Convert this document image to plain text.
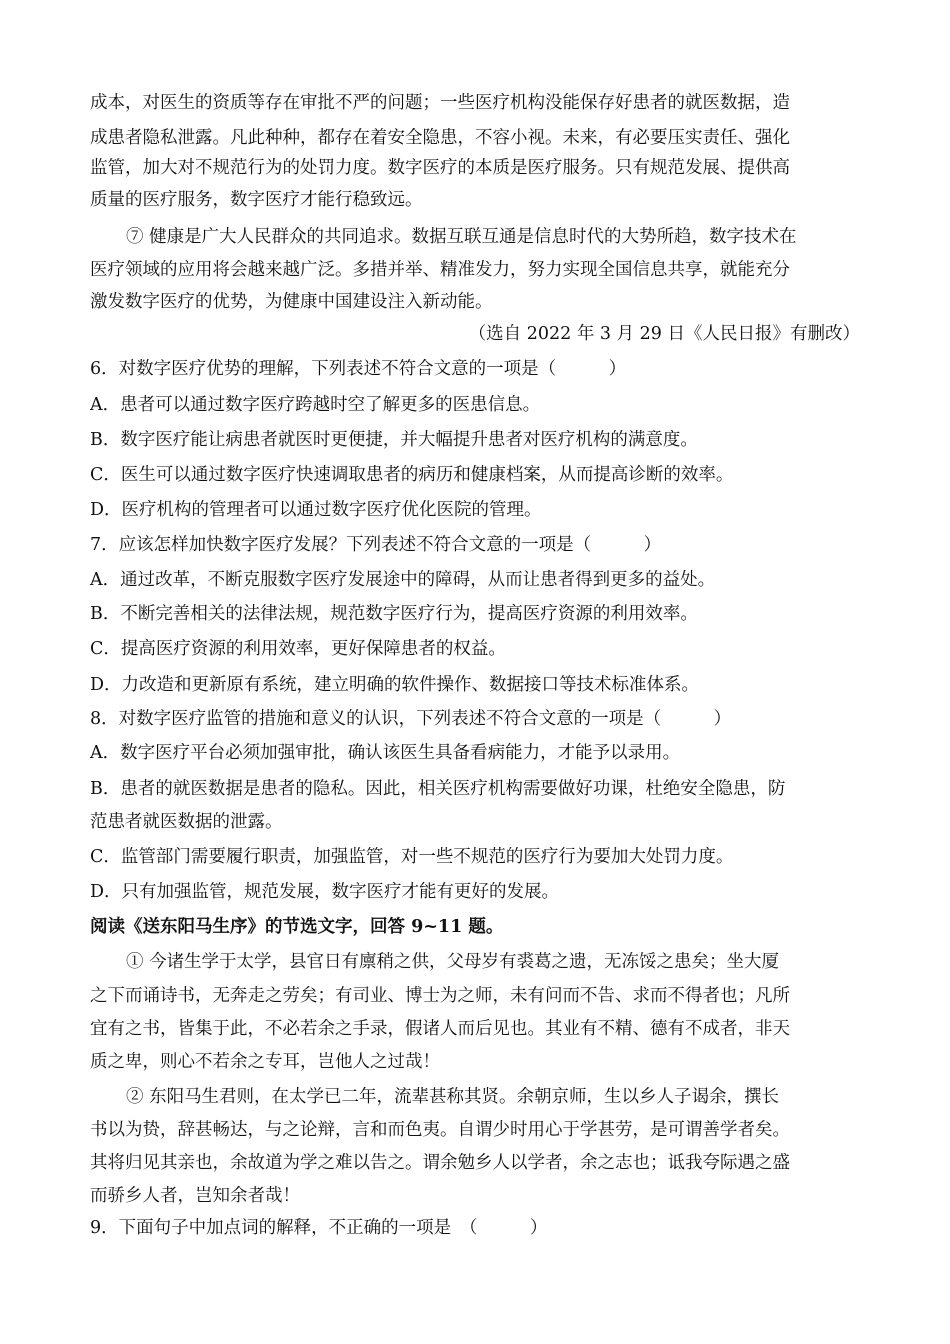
成本，对医生的资质等存在审批不严的问题；一些医疗机构没能保存好患者的就医数据，造
成患者隐私泄露。凡此种种，都存在着安全隐患，不容小视。未来，有必要压实责任、强化
监管，加大对不规范行为的处罚力度。数字医疗的本质是医疗服务。只有规范发展、提供高
质量的医疗服务，数字医疗才能行稳致远。
⑦ 健康是广大人民群众的共同追求。数据互联互通是信息时代的大势所趋，数字技术在
医疗领域的应用将会越来越广泛。多措并举、精准发力，努力实现全国信息共享，就能充分
激发数字医疗的优势，为健康中国建设注入新动能。
（选自 2022 年 3 月 29 日《人民日报》有删改）
6．对数字医疗优势的理解，下列表述不符合文意的一项是（　　　）
A．患者可以通过数字医疗跨越时空了解更多的医患信息。
B．数字医疗能让病患者就医时更便捷，并大幅提升患者对医疗机构的满意度。
C．医生可以通过数字医疗快速调取患者的病历和健康档案，从而提高诊断的效率。
D．医疗机构的管理者可以通过数字医疗优化医院的管理。
7．应该怎样加快数字医疗发展？下列表述不符合文意的一项是（　　　）
A．通过改革，不断克服数字医疗发展途中的障碍，从而让患者得到更多的益处。
B．不断完善相关的法律法规，规范数字医疗行为，提高医疗资源的利用效率。
C．提高医疗资源的利用效率，更好保障患者的权益。
D．力改造和更新原有系统，建立明确的软件操作、数据接口等技术标准体系。
8．对数字医疗监管的措施和意义的认识，下列表述不符合文意的一项是（　　　）
A．数字医疗平台必须加强审批，确认该医生具备看病能力，才能予以录用。
B．患者的就医数据是患者的隐私。因此，相关医疗机构需要做好功课，杜绝安全隐患，防
范患者就医数据的泄露。
C．监管部门需要履行职责，加强监管，对一些不规范的医疗行为要加大处罚力度。
D．只有加强监管，规范发展，数字医疗才能有更好的发展。
阅读《送东阳马生序》的节选文字，回答 9~11 题。
① 今诸生学于太学，县官日有廪稍之供，父母岁有裘葛之遗，无冻馁之患矣；坐大厦
之下而诵诗书，无奔走之劳矣；有司业、博士为之师，未有问而不告、求而不得者也；凡所
宜有之书，皆集于此，不必若余之手录，假诸人而后见也。其业有不精、德有不成者，非天
质之卑，则心不若余之专耳，岂他人之过哉！
② 东阳马生君则，在太学已二年，流辈甚称其贤。余朝京师，生以乡人子谒余，撰长
书以为贽，辞甚畅达，与之论辩，言和而色夷。自谓少时用心于学甚劳，是可谓善学者矣。
其将归见其亲也，余故道为学之难以告之。谓余勉乡人以学者，余之志也；诋我夸际遇之盛
而骄乡人者，岂知余者哉！
9．下面句子中加点词的解释，不正确的一项是　（　　　）
